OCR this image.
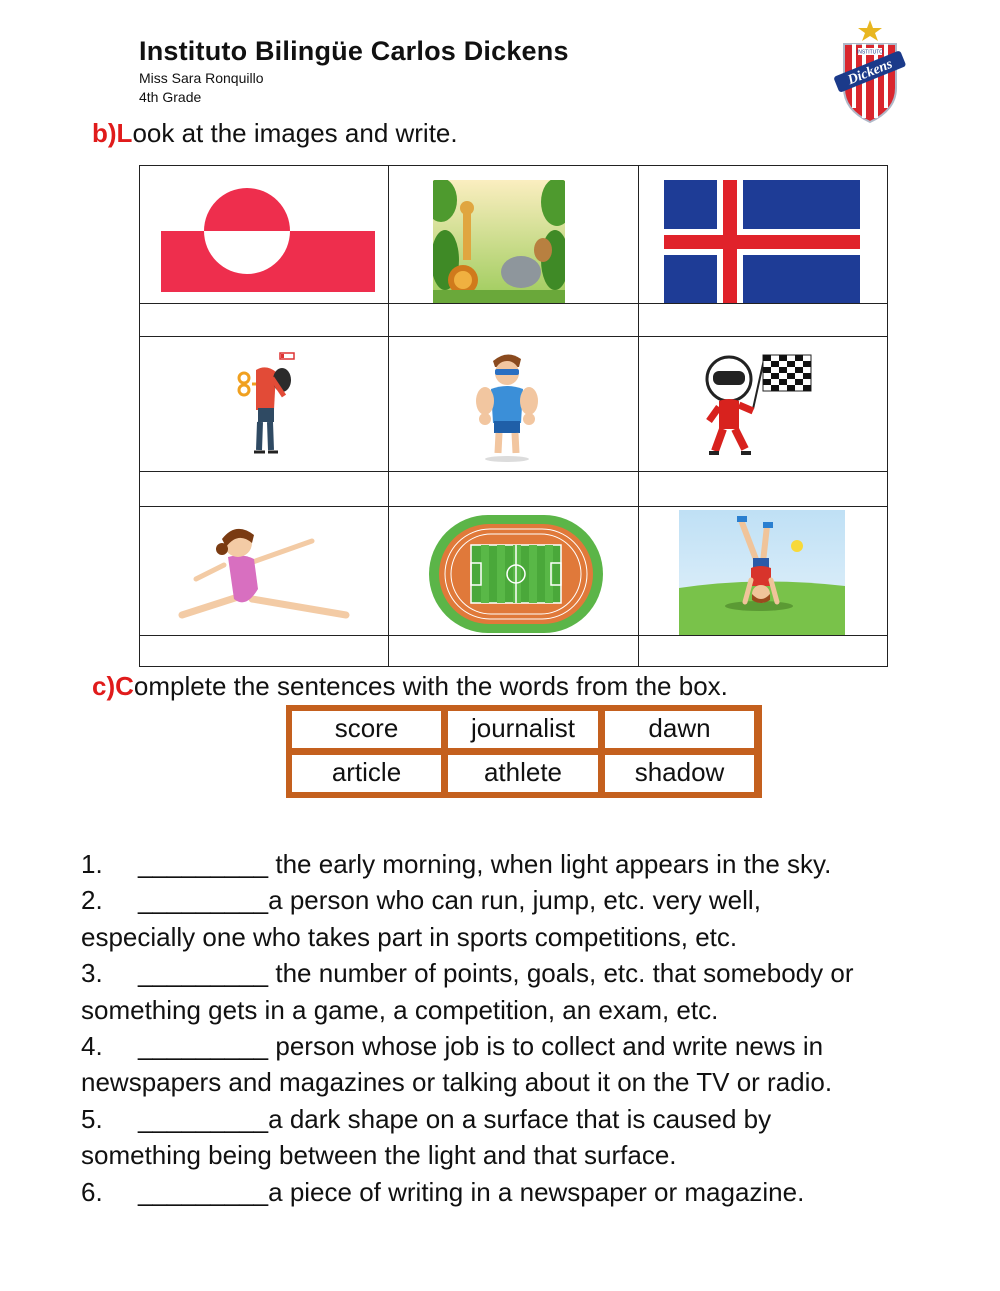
Instituto Bilingüe Carlos Dickens
Miss Sara Ronquillo
4th Grade
INSTITUTO
Dickens
b)Look at the images and write.
c)Complete the sentences with the words from the box.
score	journalist	dawn
article	athlete	shadow
1. _________ the early morning, when light appears in the sky.
2. _________a person who can run, jump, etc. very well,
especially one who takes part in sports competitions, etc.
3. _________ the number of points, goals, etc. that somebody or
something gets in a game, a competition, an exam, etc.
4. _________ person whose job is to collect and write news in
newspapers and magazines or talking about it on the TV or radio.
5. _________a dark shape on a surface that is caused by
something being between the light and that surface.
6. _________a piece of writing in a newspaper or magazine.
